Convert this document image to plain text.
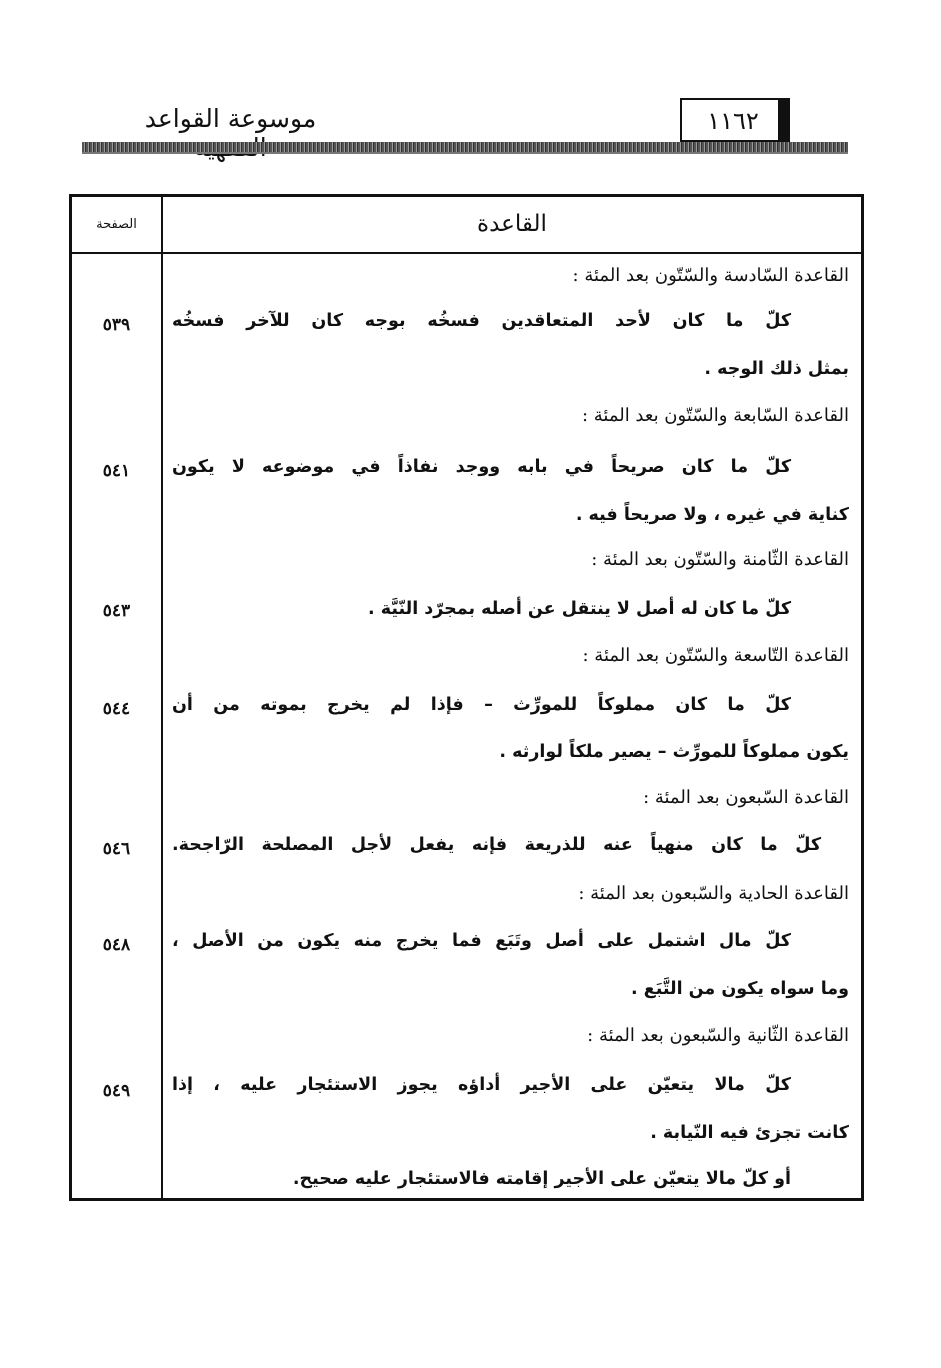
موسوعة القواعد	١١٦٢
القاعدة
الصفحة
القاعدة السّادسة والسّتّون بعد المئة :
كلّ ما كان لأحد المتعاقدين فسخُه بوجه كان للآخر فسخُه
بمثل ذلك الوجه .
٥٣٩
القاعدة السّابعة والسّتّون بعد المئة :
كلّ ما كان صريحاً في بابه ووجد نفاذاً في موضوعه لا يكون
كناية في غيره ، ولا صريحاً فيه .
٥٤١
القاعدة الثّامنة والسّتّون بعد المئة :
كلّ ما كان له أصل لا ينتقل عن أصله بمجرّد النّيَّة .
٥٤٣
القاعدة التّاسعة والسّتّون بعد المئة :
كلّ ما كان مملوكاً للمورِّث – فإذا لم يخرج بموته من أن
يكون مملوكاً للمورِّث – يصير ملكاً لوارثه .
٥٤٤
القاعدة السّبعون بعد المئة :
كلّ ما كان منهياً عنه للذريعة فإنه يفعل لأجل المصلحة الرّاجحة.
٥٤٦
القاعدة الحادية والسّبعون بعد المئة :
كلّ مال اشتمل على أصل وتَبَع فما يخرج منه يكون من الأصل ،
وما سواه يكون من التَّبَع .
٥٤٨
القاعدة الثّانية والسّبعون بعد المئة :
كلّ مالا يتعيّن على الأجير أداؤه يجوز الاستئجار عليه ، إذا
كانت تجزئ فيه النّيابة .
أو كلّ مالا يتعيّن على الأجير إقامته فالاستئجار عليه صحيح.
٥٤٩
